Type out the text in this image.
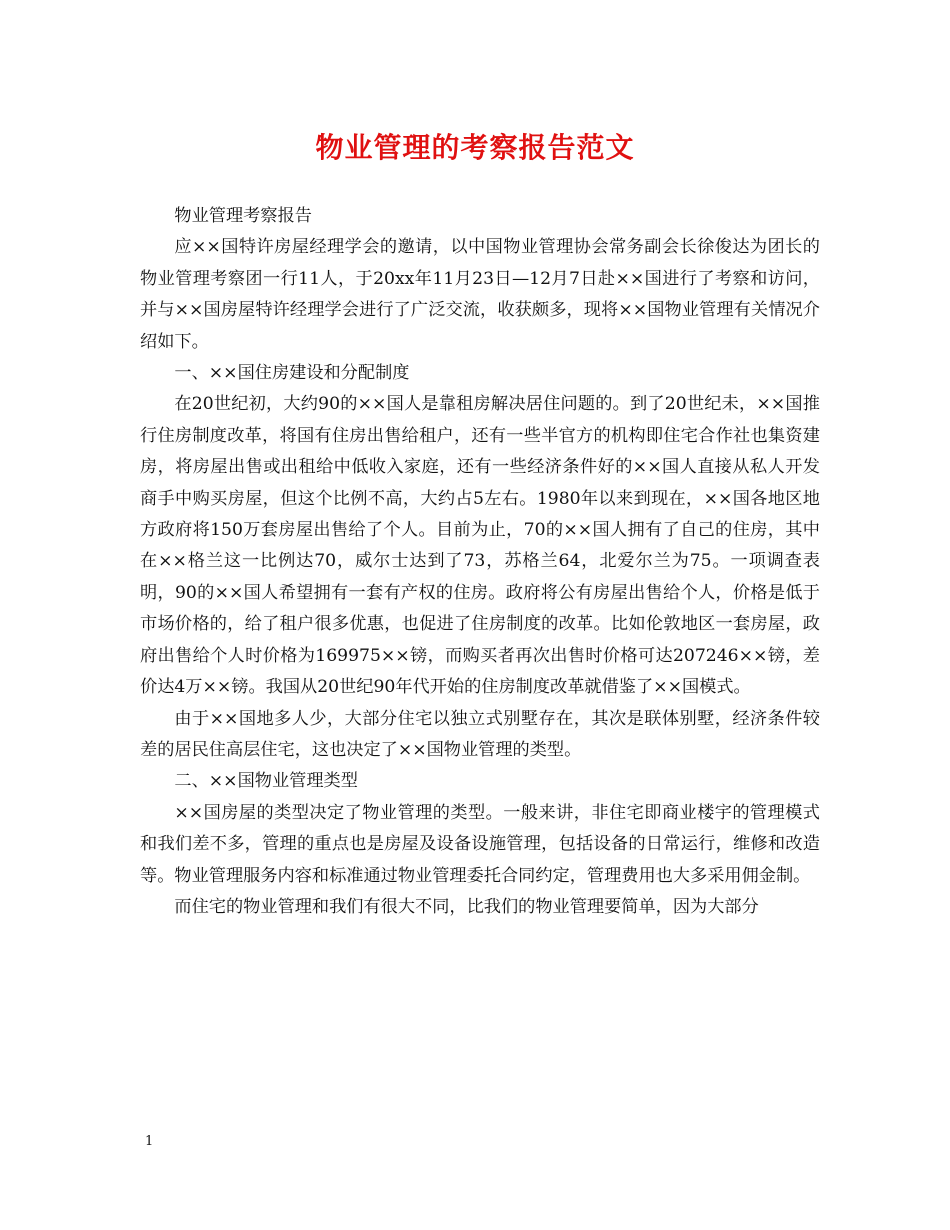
物业管理的考察报告范文

物业管理考察报告

应××国特许房屋经理学会的邀请，以中国物业管理协会常务副会长徐俊达为团长的物业管理考察团一行11人，于20xx年11月23日—12月7日赴××国进行了考察和访问，并与××国房屋特许经理学会进行了广泛交流，收获颇多，现将××国物业管理有关情况介绍如下。

一、××国住房建设和分配制度

在20世纪初，大约90的××国人是靠租房解决居住问题的。到了20世纪未，××国推行住房制度改革，将国有住房出售给租户，还有一些半官方的机构即住宅合作社也集资建房，将房屋出售或出租给中低收入家庭，还有一些经济条件好的××国人直接从私人开发商手中购买房屋，但这个比例不高，大约占5左右。1980年以来到现在，××国各地区地方政府将150万套房屋出售给了个人。目前为止，70的××国人拥有了自己的住房，其中在××格兰这一比例达70，威尔士达到了73，苏格兰64，北爱尔兰为75。一项调查表明，90的××国人希望拥有一套有产权的住房。政府将公有房屋出售给个人，价格是低于市场价格的，给了租户很多优惠，也促进了住房制度的改革。比如伦敦地区一套房屋，政府出售给个人时价格为169975××镑，而购买者再次出售时价格可达207246××镑，差价达4万××镑。我国从20世纪90年代开始的住房制度改革就借鉴了××国模式。

由于××国地多人少，大部分住宅以独立式别墅存在，其次是联体别墅，经济条件较差的居民住高层住宅，这也决定了××国物业管理的类型。

二、××国物业管理类型

××国房屋的类型决定了物业管理的类型。一般来讲，非住宅即商业楼宇的管理模式和我们差不多，管理的重点也是房屋及设备设施管理，包括设备的日常运行，维修和改造等。物业管理服务内容和标准通过物业管理委托合同约定，管理费用也大多采用佣金制。

而住宅的物业管理和我们有很大不同，比我们的物业管理要简单，因为大部分

1
